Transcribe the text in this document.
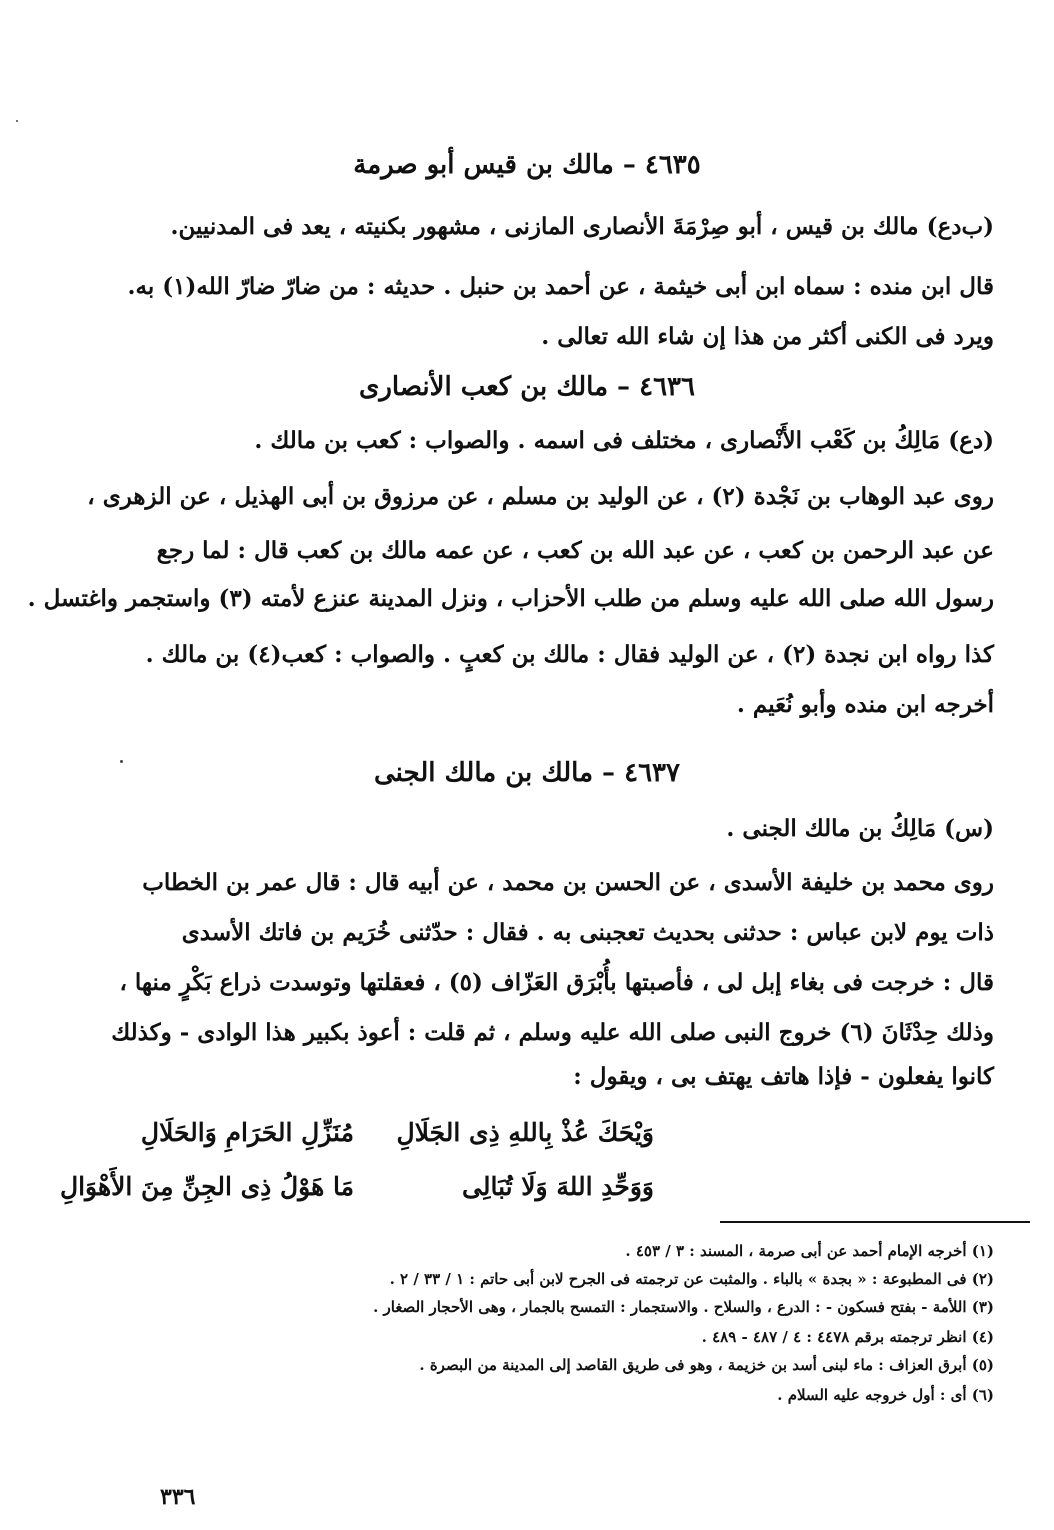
٤٦٣٥ – مالك بن قيس أبو صرمة
(ب‌دع) مالك بن قيس ، أبو صِرْمَةَ الأنصارى المازنى ، مشهور بكنيته ، يعد فى المدنيين.
قال ابن منده : سماه ابن أبى خيثمة ، عن أحمد بن حنبل . حديثه : من ضارّ ضارّ الله(١) به.
ويرد فى الكنى أكثر من هذا إن شاء الله تعالى .
٤٦٣٦ – مالك بن كعب الأنصارى
(دع) مَالِكُ بن كَعْب الأَنْصارى ، مختلف فى اسمه . والصواب : كعب بن مالك .
روى عبد الوهاب بن نَجْدة (٢) ، عن الوليد بن مسلم ، عن مرزوق بن أبى الهذيل ، عن الزهرى ،
عن عبد الرحمن بن كعب ، عن عبد الله بن كعب ، عن عمه مالك بن كعب قال : لما رجع
رسول الله صلى الله عليه وسلم من طلب الأحزاب ، ونزل المدينة عنزع لأمته (٣) واستجمر واغتسل .
كذا رواه ابن نجدة (٢) ، عن الوليد فقال : مالك بن كعبٍ . والصواب : كعب(٤) بن مالك .
أخرجه ابن منده وأبو نُعَيم .
٤٦٣٧ – مالك بن مالك الجنى
(س) مَالِكُ بن مالك الجنى .
روى محمد بن خليفة الأسدى ، عن الحسن بن محمد ، عن أبيه قال : قال عمر بن الخطاب
ذات يوم لابن عباس : حدثنى بحديث تعجبنى به . فقال : حدّثنى خُرَيم بن فاتك الأسدى
قال : خرجت فى بغاء إبل لى ، فأصبتها بأُبْرَق العَزّاف (٥) ، فعقلتها وتوسدت ذراع بَكْرٍ منها ،
وذلك حِدْثَانَ (٦) خروج النبى صلى الله عليه وسلم ، ثم قلت : أعوذ بكبير هذا الوادى - وكذلك
كانوا يفعلون - فإذا هاتف يهتف بى ، ويقول :
وَيْحَكَ عُذْ بِاللهِ ذِى الجَلَالِ
مُنَزِّلِ الحَرَامِ وَالحَلَالِ
وَوَحِّدِ اللهَ وَلَا تُبَالِى
مَا هَوْلُ ذِى الجِنِّ مِنَ الأَهْوَالِ
(١) أخرجه الإمام أحمد عن أبى صرمة ، المسند : ٣ / ٤٥٣ .
(٢) فى المطبوعة : « بجدة » بالباء . والمثبت عن ترجمته فى الجرح لابن أبى حاتم : ١ / ٣٣ / ٢ .
(٣) اللأمة - بفتح فسكون - : الدرع ، والسلاح . والاستجمار : التمسح بالجمار ، وهى الأحجار الصغار .
(٤) انظر ترجمته برقم ٤٤٧٨ : ٤ / ٤٨٧ - ٤٨٩ .
(٥) أبرق العزاف : ماء لبنى أسد بن خزيمة ، وهو فى طريق القاصد إلى المدينة من البصرة .
(٦) أى : أول خروجه عليه السلام .
٣٣٦
